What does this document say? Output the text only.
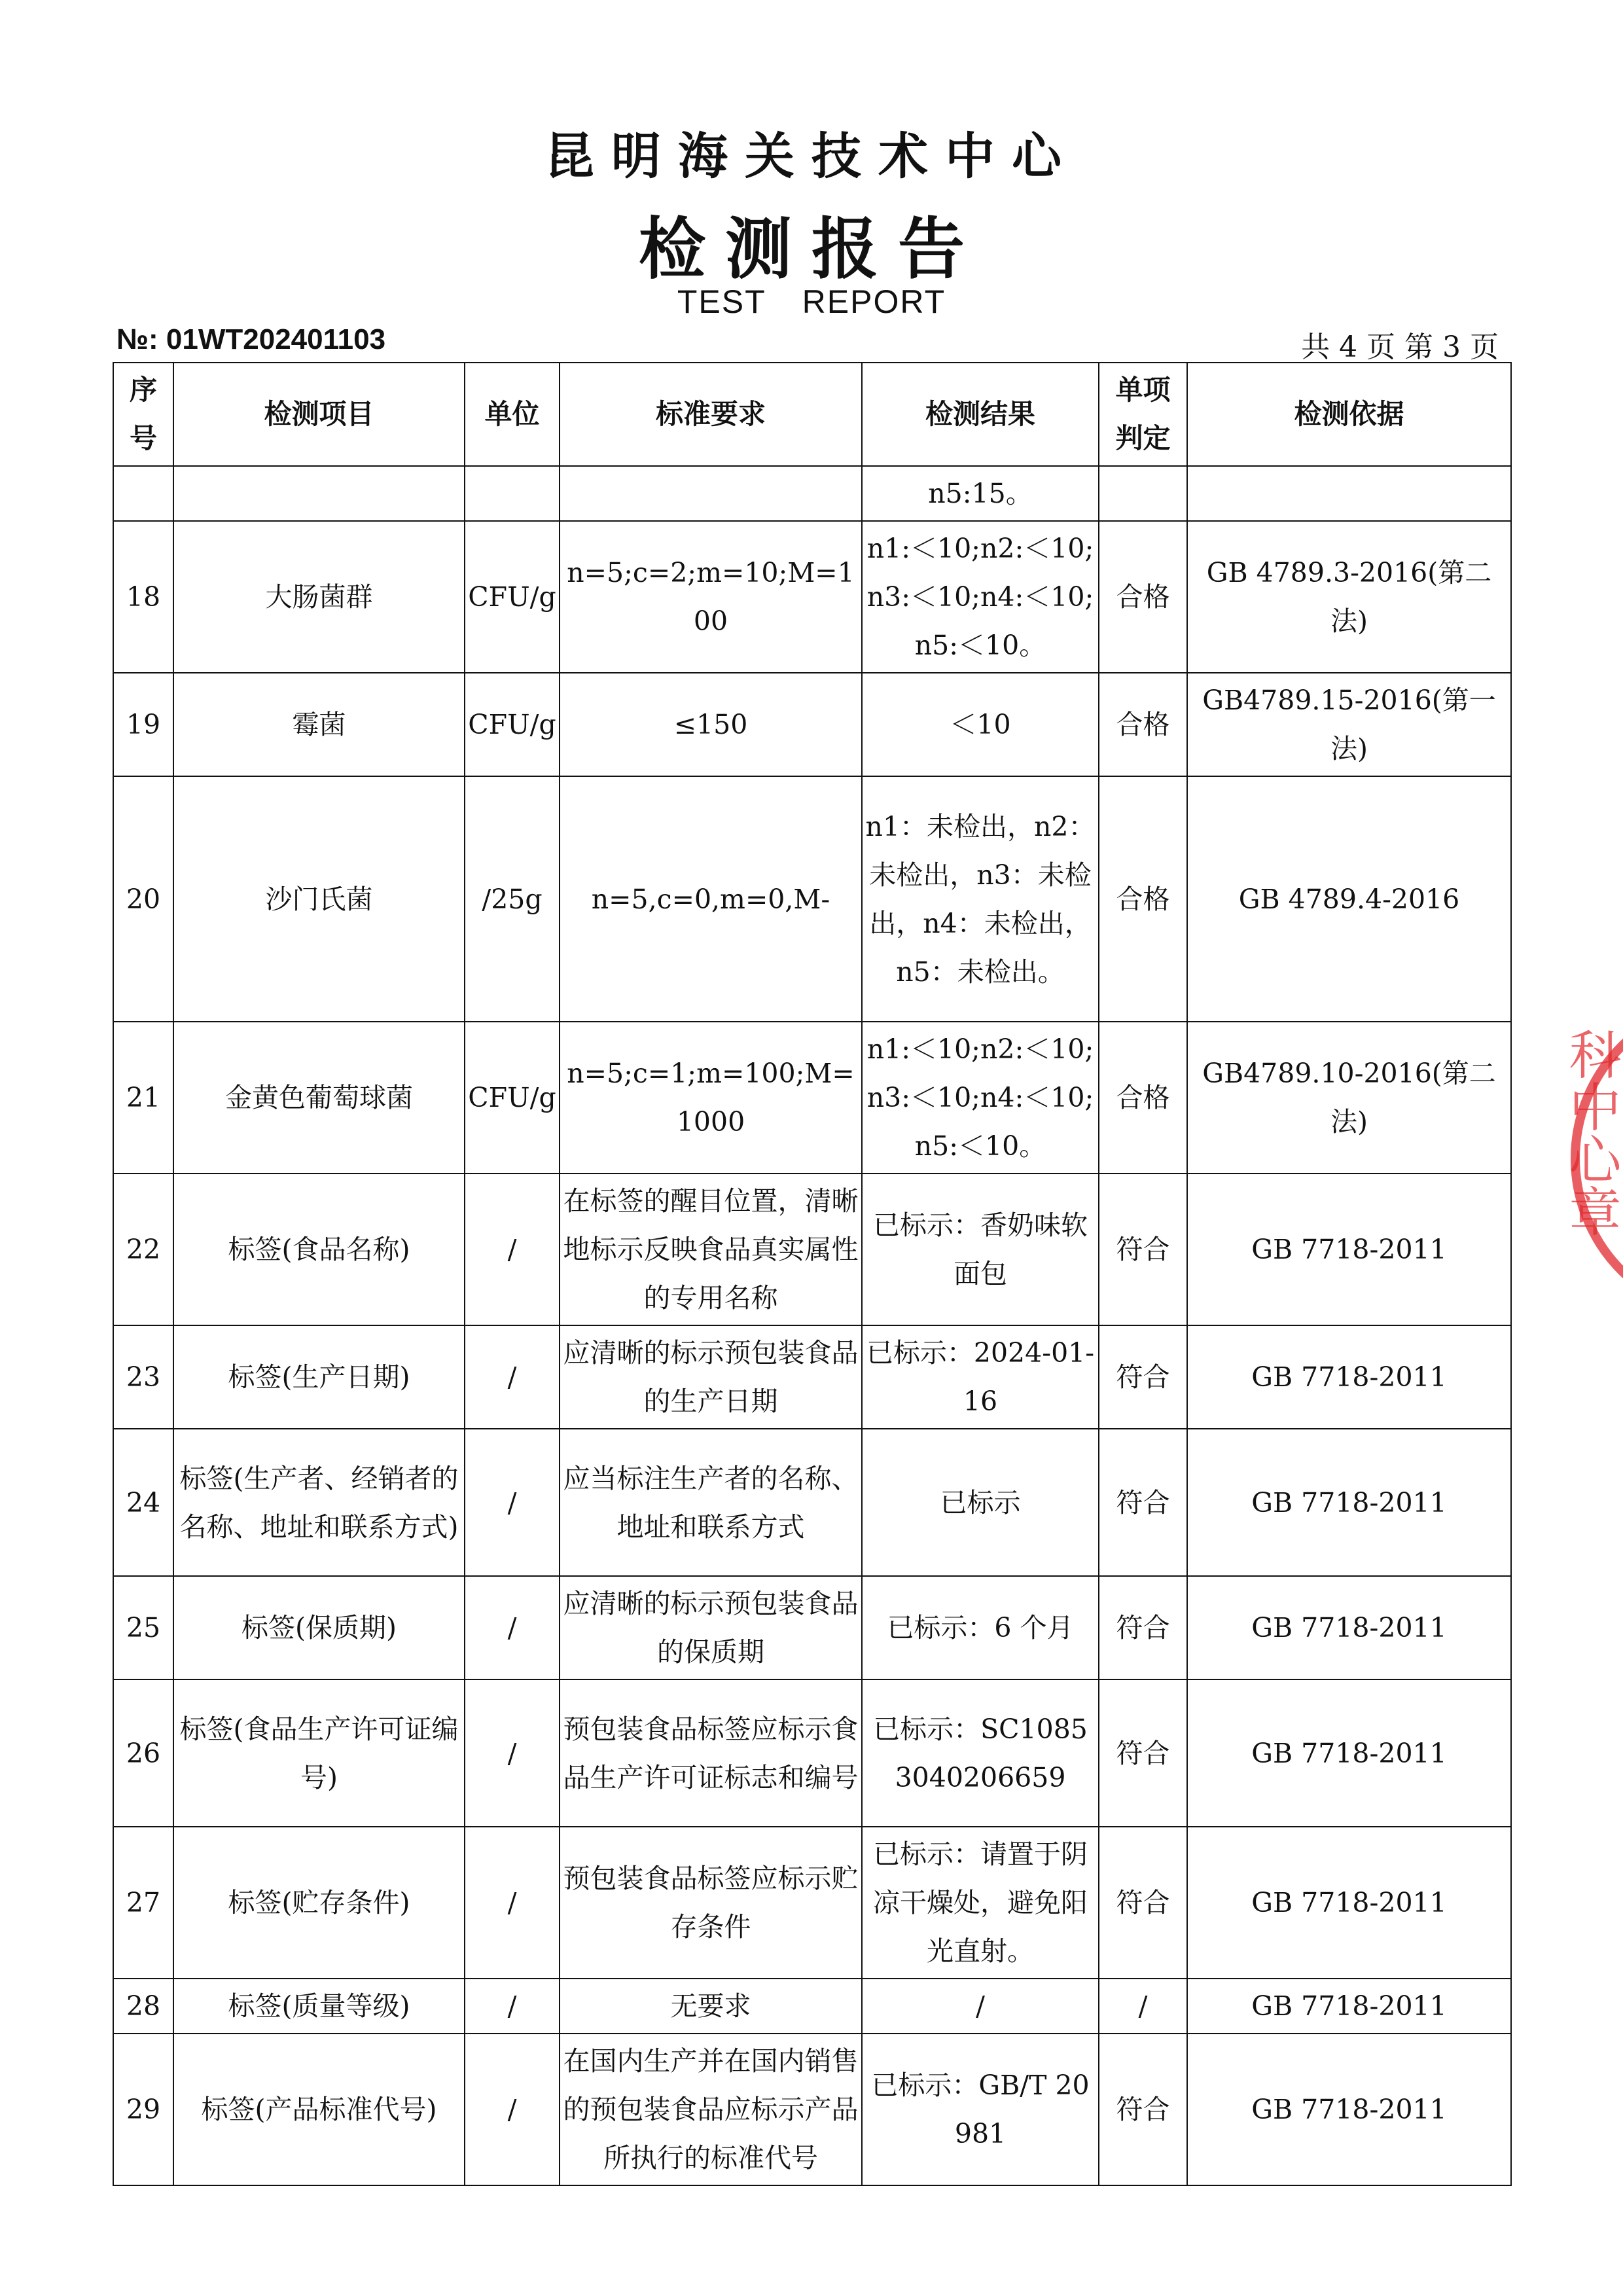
昆明海关技术中心
检测报告
TEST REPORT
№: 01WT202401103	共 4 页 第 3 页
序号	检测项目	单位	标准要求	检测结果	单项判定	检测依据
				n5:15。		
18	大肠菌群	CFU/g	n=5;c=2;m=10;M=100	n1:＜10;n2:＜10;n3:＜10;n4:＜10;n5:＜10。	合格	GB 4789.3-2016(第二法)
19	霉菌	CFU/g	≤150	＜10	合格	GB4789.15-2016(第一法)
20	沙门氏菌	/25g	n=5,c=0,m=0,M-	n1：未检出，n2：未检出，n3：未检出，n4：未检出，n5：未检出。	合格	GB 4789.4-2016
21	金黄色葡萄球菌	CFU/g	n=5;c=1;m=100;M=1000	n1:＜10;n2:＜10;n3:＜10;n4:＜10;n5:＜10。	合格	GB4789.10-2016(第二法)
22	标签(食品名称)	/	在标签的醒目位置，清晰地标示反映食品真实属性的专用名称	已标示：香奶味软面包	符合	GB 7718-2011
23	标签(生产日期)	/	应清晰的标示预包装食品的生产日期	已标示：2024-01-16	符合	GB 7718-2011
24	标签(生产者、经销者的名称、地址和联系方式)	/	应当标注生产者的名称、地址和联系方式	已标示	符合	GB 7718-2011
25	标签(保质期)	/	应清晰的标示预包装食品的保质期	已标示：6 个月	符合	GB 7718-2011
26	标签(食品生产许可证编号)	/	预包装食品标签应标示食品生产许可证标志和编号	已标示：SC10853040206659	符合	GB 7718-2011
27	标签(贮存条件)	/	预包装食品标签应标示贮存条件	已标示：请置于阴凉干燥处，避免阳光直射。	符合	GB 7718-2011
28	标签(质量等级)	/	无要求	/	/	GB 7718-2011
29	标签(产品标准代号)	/	在国内生产并在国内销售的预包装食品应标示产品所执行的标准代号	已标示：GB/T 20981	符合	GB 7718-2011
科中心章
